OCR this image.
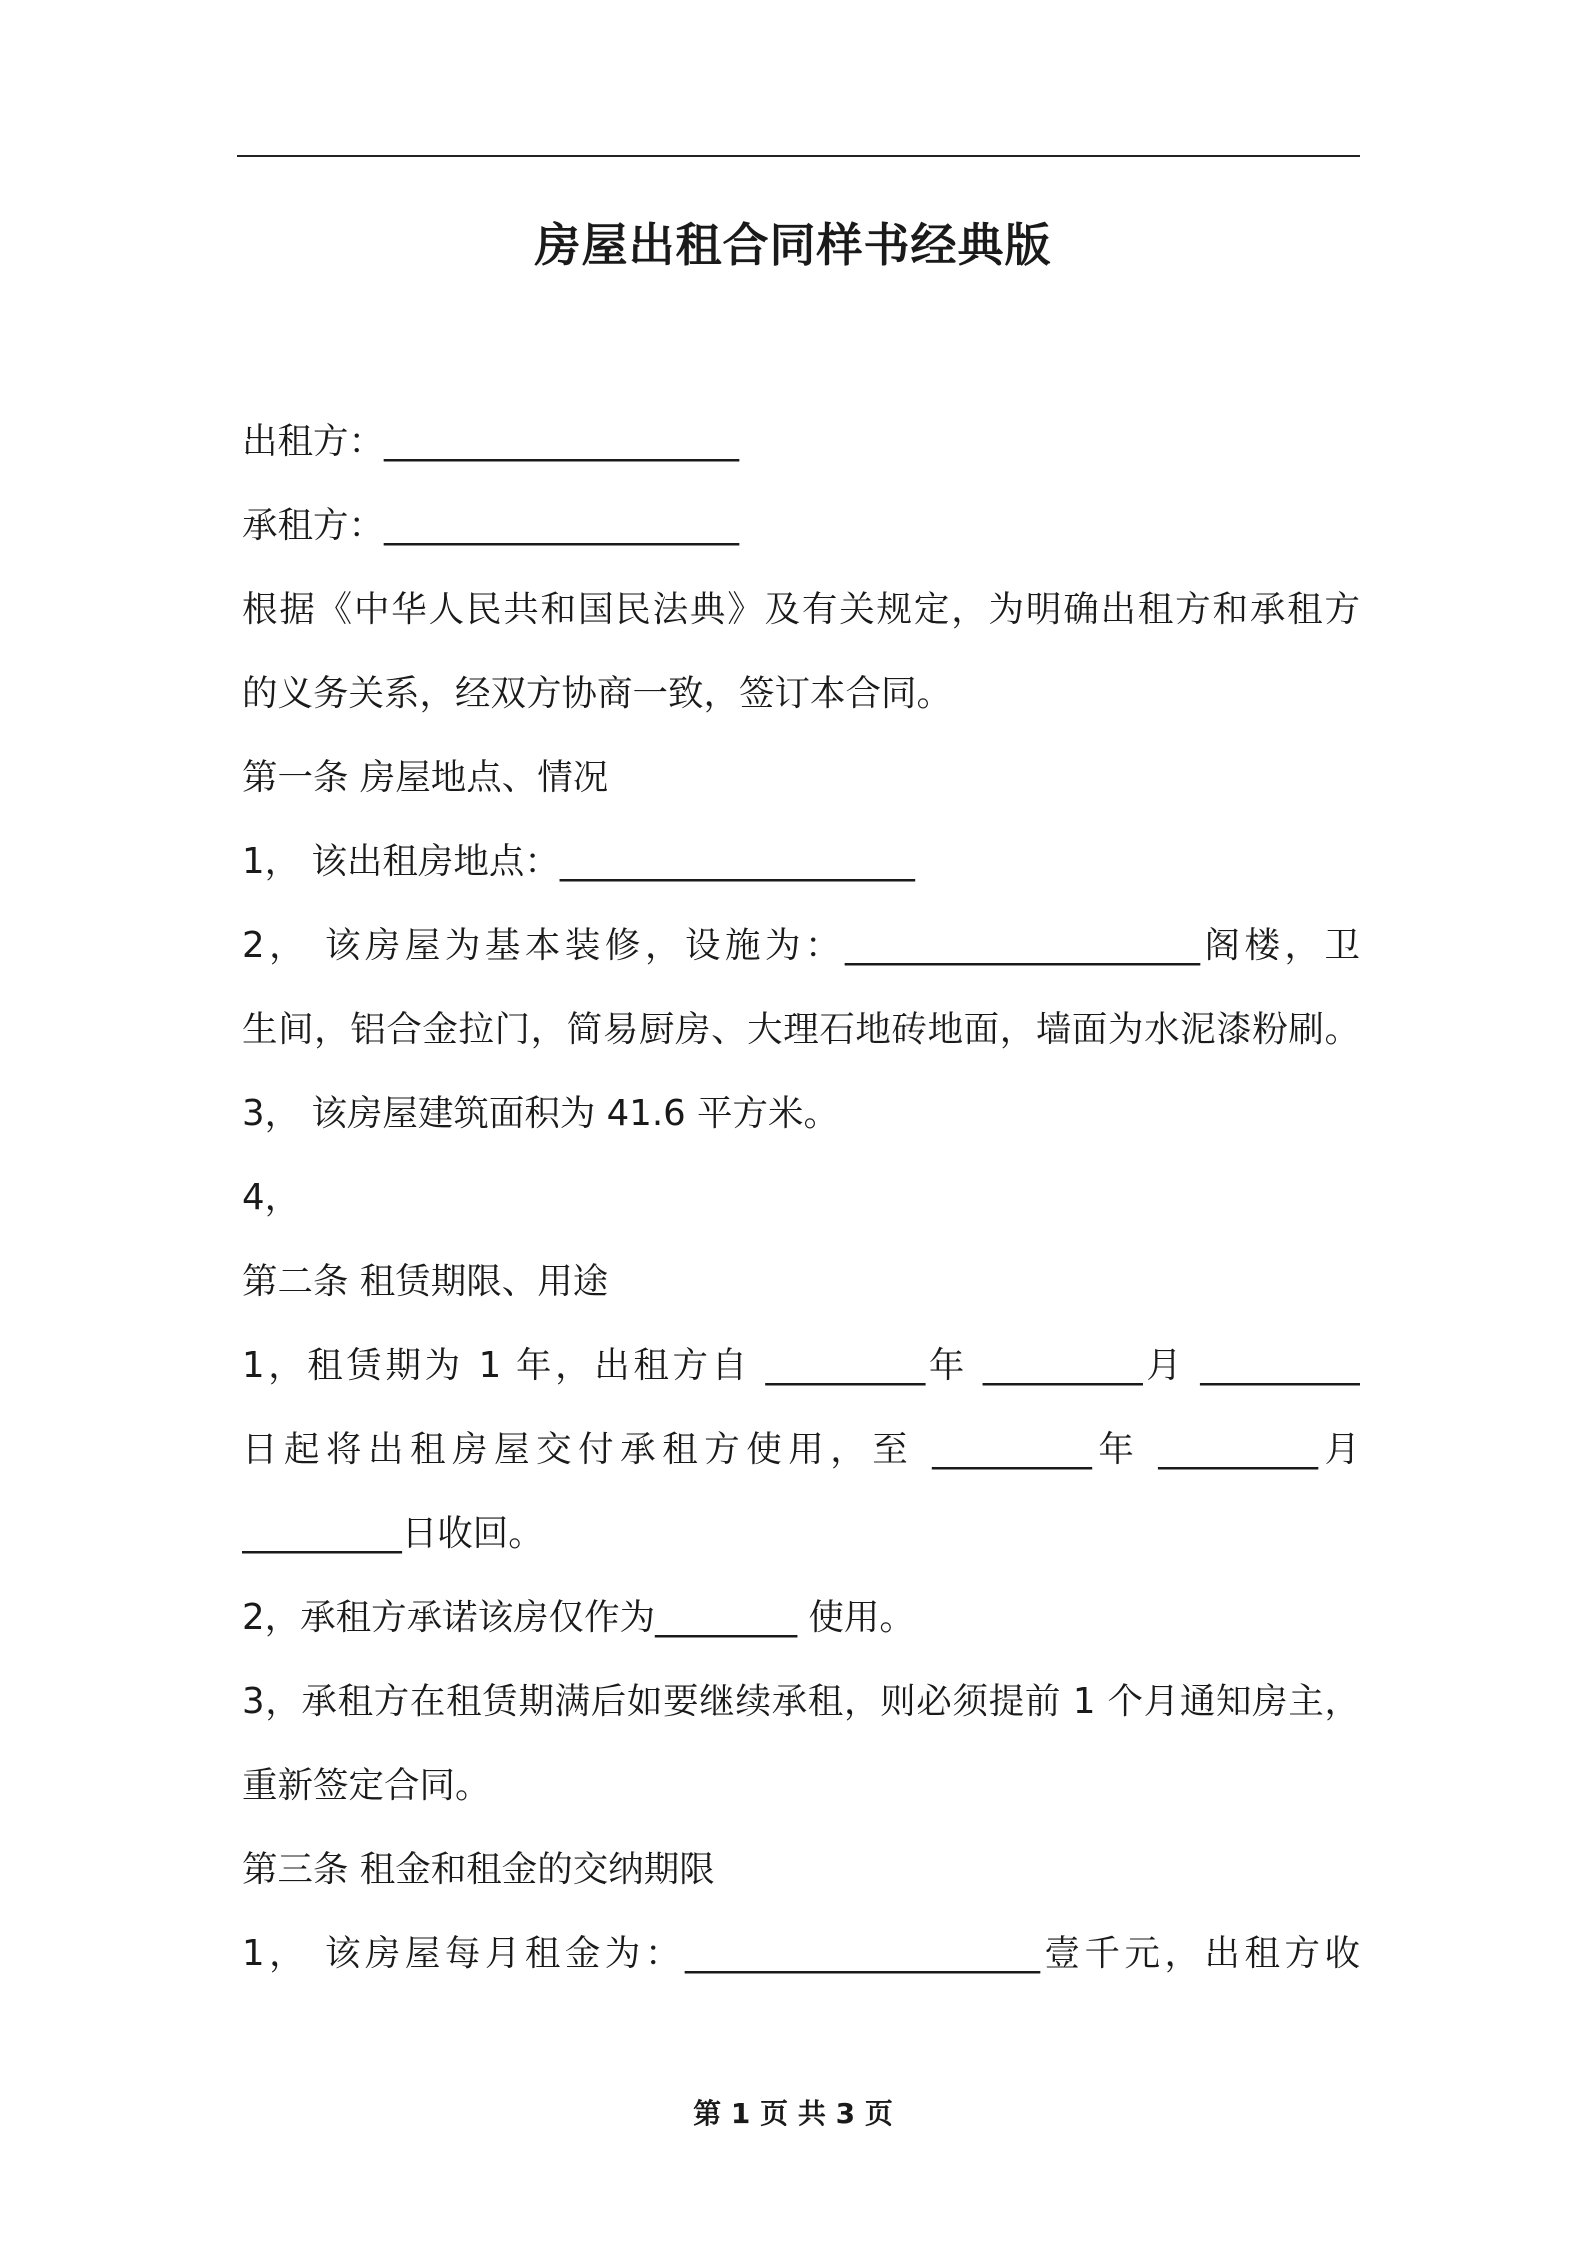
房屋出租合同样书经典版
出租方：____________________
承租方：____________________
根据《中华人民共和国民法典》及有关规定，为明确出租方和承租方
的义务关系，经双方协商一致，签订本合同。
第一条 房屋地点、情况
1， 该出租房地点：____________________
2， 该房屋为基本装修，设施为：____________________阁楼，卫
生间，铝合金拉门，简易厨房、大理石地砖地面，墙面为水泥漆粉刷。
3， 该房屋建筑面积为 41.6 平方米。
4，
第二条 租赁期限、用途
1，租赁期为 1 年，出租方自 _________年 _________月 _________
日起将出租房屋交付承租方使用，至 _________年 _________月
_________日收回。
2，承租方承诺该房仅作为________ 使用。
3，承租方在租赁期满后如要继续承租，则必须提前 1 个月通知房主，
重新签定合同。
第三条 租金和租金的交纳期限
1， 该房屋每月租金为：____________________壹千元，出租方收
第 1 页 共 3 页
